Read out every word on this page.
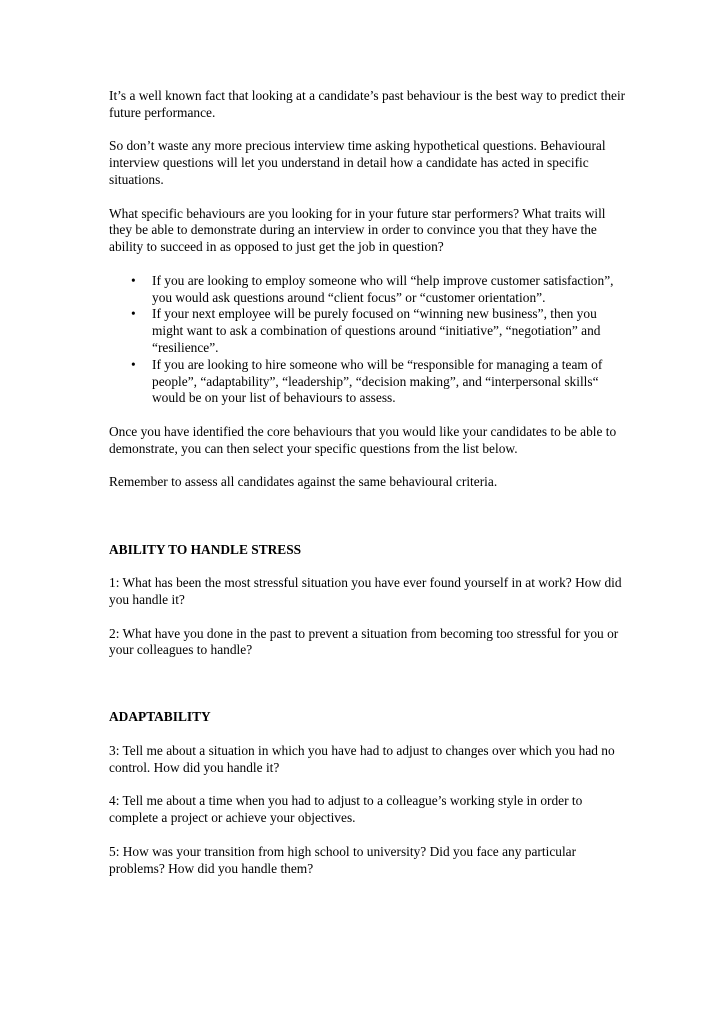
It’s a well known fact that looking at a candidate’s past behaviour is the best way to predict their future performance.

So don’t waste any more precious interview time asking hypothetical questions. Behavioural interview questions will let you understand in detail how a candidate has acted in specific situations.

What specific behaviours are you looking for in your future star performers? What traits will they be able to demonstrate during an interview in order to convince you that they have the ability to succeed in as opposed to just get the job in question?

• If you are looking to employ someone who will “help improve customer satisfaction”, you would ask questions around “client focus” or “customer orientation”.
• If your next employee will be purely focused on “winning new business”, then you might want to ask a combination of questions around “initiative”, “negotiation” and “resilience”.
• If you are looking to hire someone who will be “responsible for managing a team of people”, “adaptability”, “leadership”, “decision making”, and “interpersonal skills“ would be on your list of behaviours to assess.

Once you have identified the core behaviours that you would like your candidates to be able to demonstrate, you can then select your specific questions from the list below.

Remember to assess all candidates against the same behavioural criteria.

ABILITY TO HANDLE STRESS

1: What has been the most stressful situation you have ever found yourself in at work? How did you handle it?

2: What have you done in the past to prevent a situation from becoming too stressful for you or your colleagues to handle?

ADAPTABILITY

3: Tell me about a situation in which you have had to adjust to changes over which you had no control. How did you handle it?

4: Tell me about a time when you had to adjust to a colleague’s working style in order to complete a project or achieve your objectives.

5: How was your transition from high school to university? Did you face any particular problems? How did you handle them?
